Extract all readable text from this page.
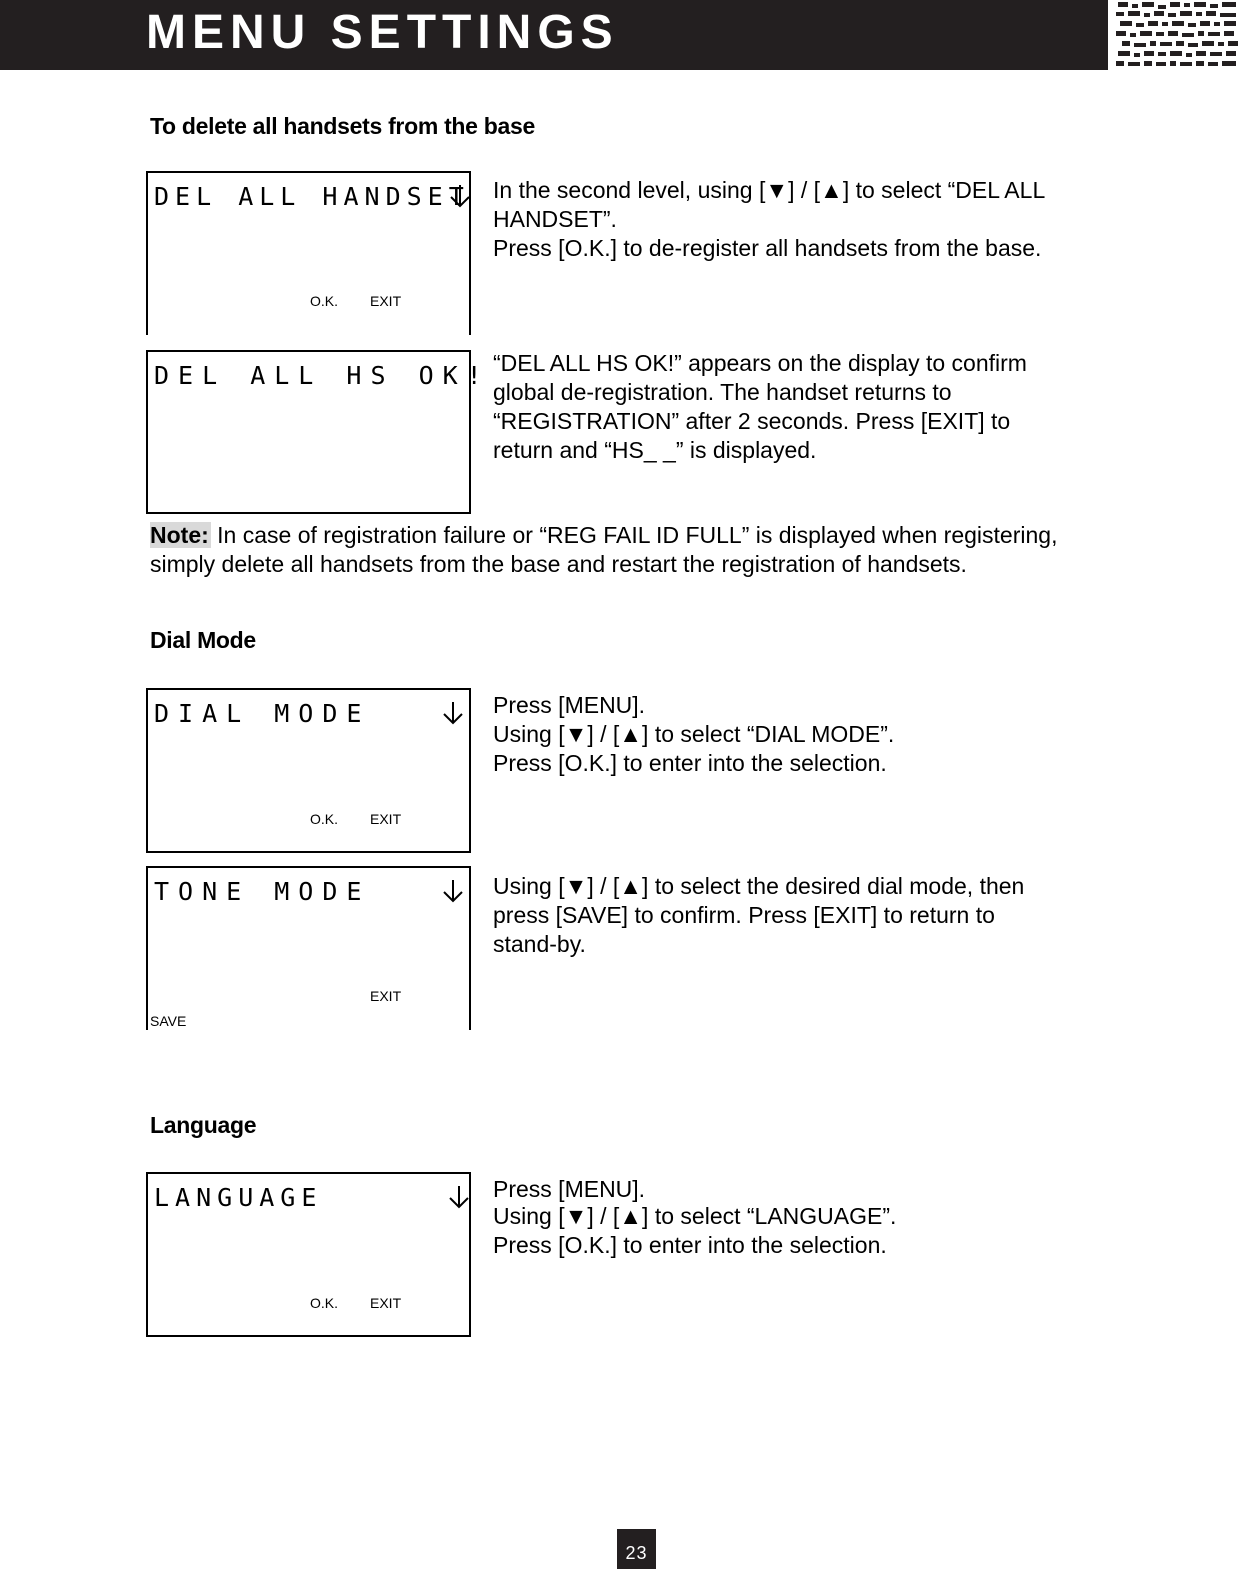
MENU SETTINGS
To delete all handsets from the base
DEL ALL HANDSET
O.K. EXIT

In the second level, using [▼] / [▲] to select “DEL ALL

HANDSET”.

Press [O.K.] to de-register all handsets from the base.

DEL ALL HS OK! “DEL ALL HS OK!” appears on the display to confirm

global de-registration. The handset returns to

“REGISTRATION” after 2 seconds. Press [EXIT] to

return and “HS_ _” is displayed.

Note: In case of registration failure or “REG FAIL ID FULL” is displayed when registering,

simply delete all handsets from the base and restart the registration of handsets.

Dial Mode
DIAL MODE
O.K. EXIT

Press [MENU].

Using [▼] / [▲] to select “DIAL MODE”.

Press [O.K.] to enter into the selection.

TONE MODE
EXIT
SAVE

Using [▼] / [▲] to select the desired dial mode, then

press [SAVE] to confirm. Press [EXIT] to return to

stand-by.

Language
LANGUAGE
O.K. EXIT

Press [MENU].

Using [▼] / [▲] to select “LANGUAGE”.

Press [O.K.] to enter into the selection.

23
